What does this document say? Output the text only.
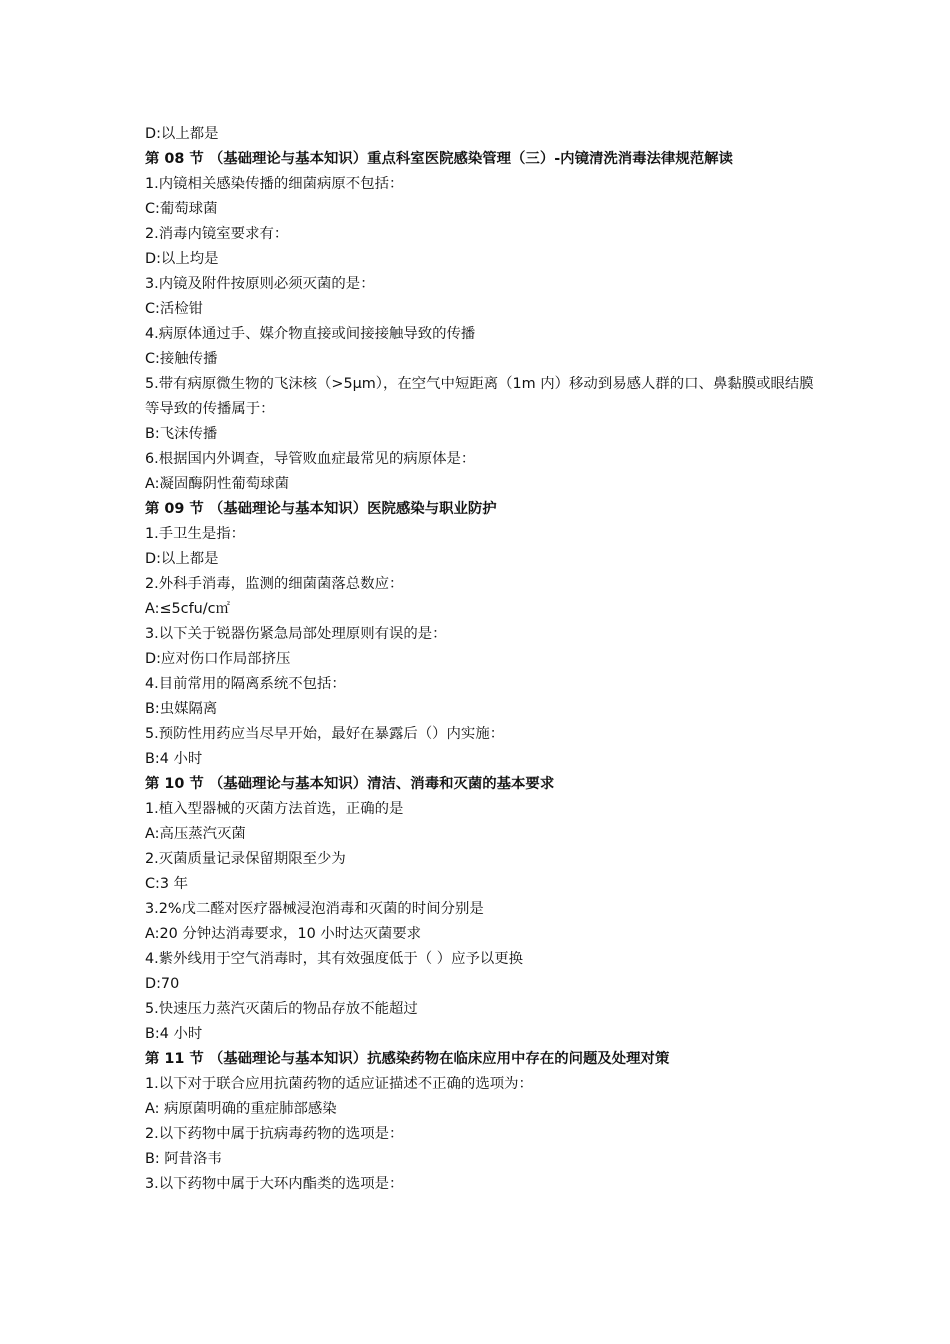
D:以上都是
第 08 节 （基础理论与基本知识）重点科室医院感染管理（三）-内镜清洗消毒法律规范解读
1.内镜相关感染传播的细菌病原不包括：
C:葡萄球菌
2.消毒内镜室要求有：
D:以上均是
3.内镜及附件按原则必须灭菌的是：
C:活检钳
4.病原体通过手、媒介物直接或间接接触导致的传播
C:接触传播
5.带有病原微生物的飞沫核（>5μm），在空气中短距离（1m 内）移动到易感人群的口、鼻黏膜或眼结膜等导致的传播属于：
B:飞沫传播
6.根据国内外调查，导管败血症最常见的病原体是：
A:凝固酶阴性葡萄球菌
第 09 节 （基础理论与基本知识）医院感染与职业防护
1.手卫生是指：
D:以上都是
2.外科手消毒，监测的细菌菌落总数应：
A:≤5cfu/c㎡
3.以下关于锐器伤紧急局部处理原则有误的是：
D:应对伤口作局部挤压
4.目前常用的隔离系统不包括：
B:虫媒隔离
5.预防性用药应当尽早开始，最好在暴露后（）内实施：
B:4 小时
第 10 节 （基础理论与基本知识）清洁、消毒和灭菌的基本要求
1.植入型器械的灭菌方法首选，正确的是
A:高压蒸汽灭菌
2.灭菌质量记录保留期限至少为
C:3 年
3.2%戊二醛对医疗器械浸泡消毒和灭菌的时间分别是
A:20 分钟达消毒要求，10 小时达灭菌要求
4.紫外线用于空气消毒时，其有效强度低于（ ）应予以更换
D:70
5.快速压力蒸汽灭菌后的物品存放不能超过
B:4 小时
第 11 节 （基础理论与基本知识）抗感染药物在临床应用中存在的问题及处理对策
1.以下对于联合应用抗菌药物的适应证描述不正确的选项为：
A: 病原菌明确的重症肺部感染
2.以下药物中属于抗病毒药物的选项是：
B: 阿昔洛韦
3.以下药物中属于大环内酯类的选项是：
